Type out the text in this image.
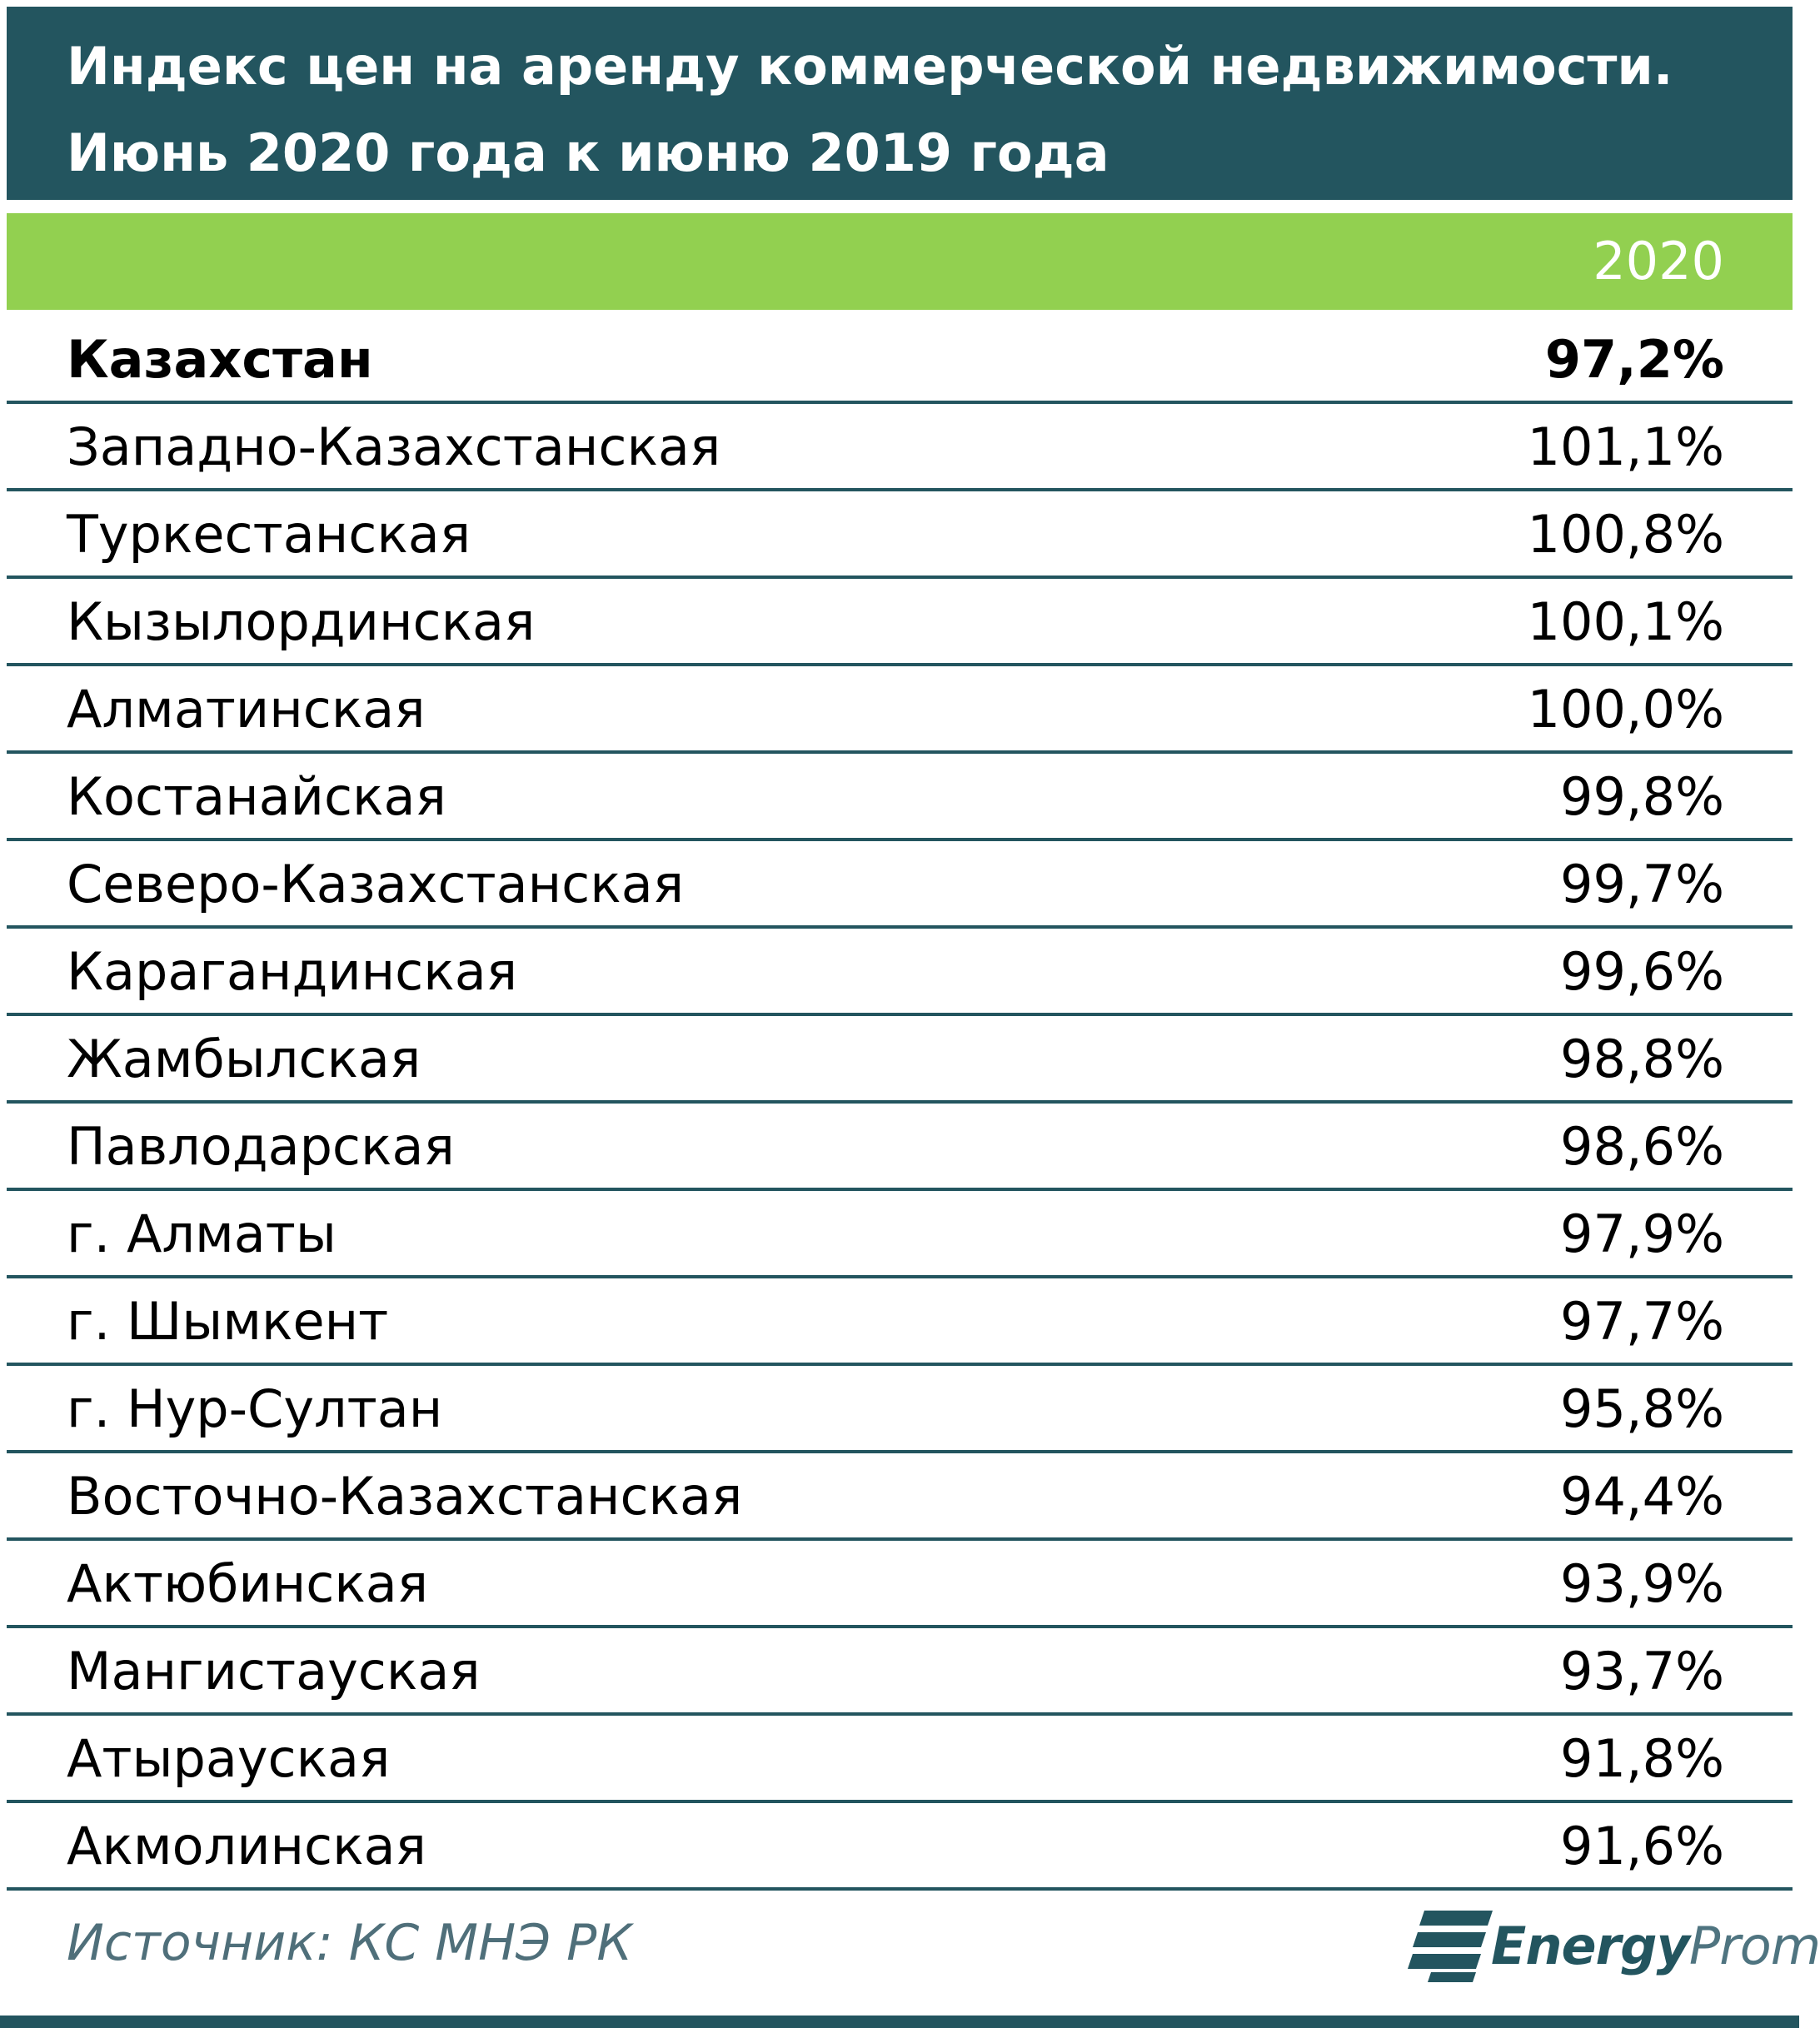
Индекс цен на аренду коммерческой недвижимости.
Июнь 2020 года к июню 2019 года
2020
Казахстан	97,2%
Западно-Казахстанская	101,1%
Туркестанская	100,8%
Кызылординская	100,1%
Алматинская	100,0%
Костанайская	99,8%
Северо-Казахстанская	99,7%
Карагандинская	99,6%
Жамбылская	98,8%
Павлодарская	98,6%
г. Алматы	97,9%
г. Шымкент	97,7%
г. Нур-Султан	95,8%
Восточно-Казахстанская	94,4%
Актюбинская	93,9%
Мангистауская	93,7%
Атырауская	91,8%
Акмолинская	91,6%
Источник: КС МНЭ РК	EnergyProm
